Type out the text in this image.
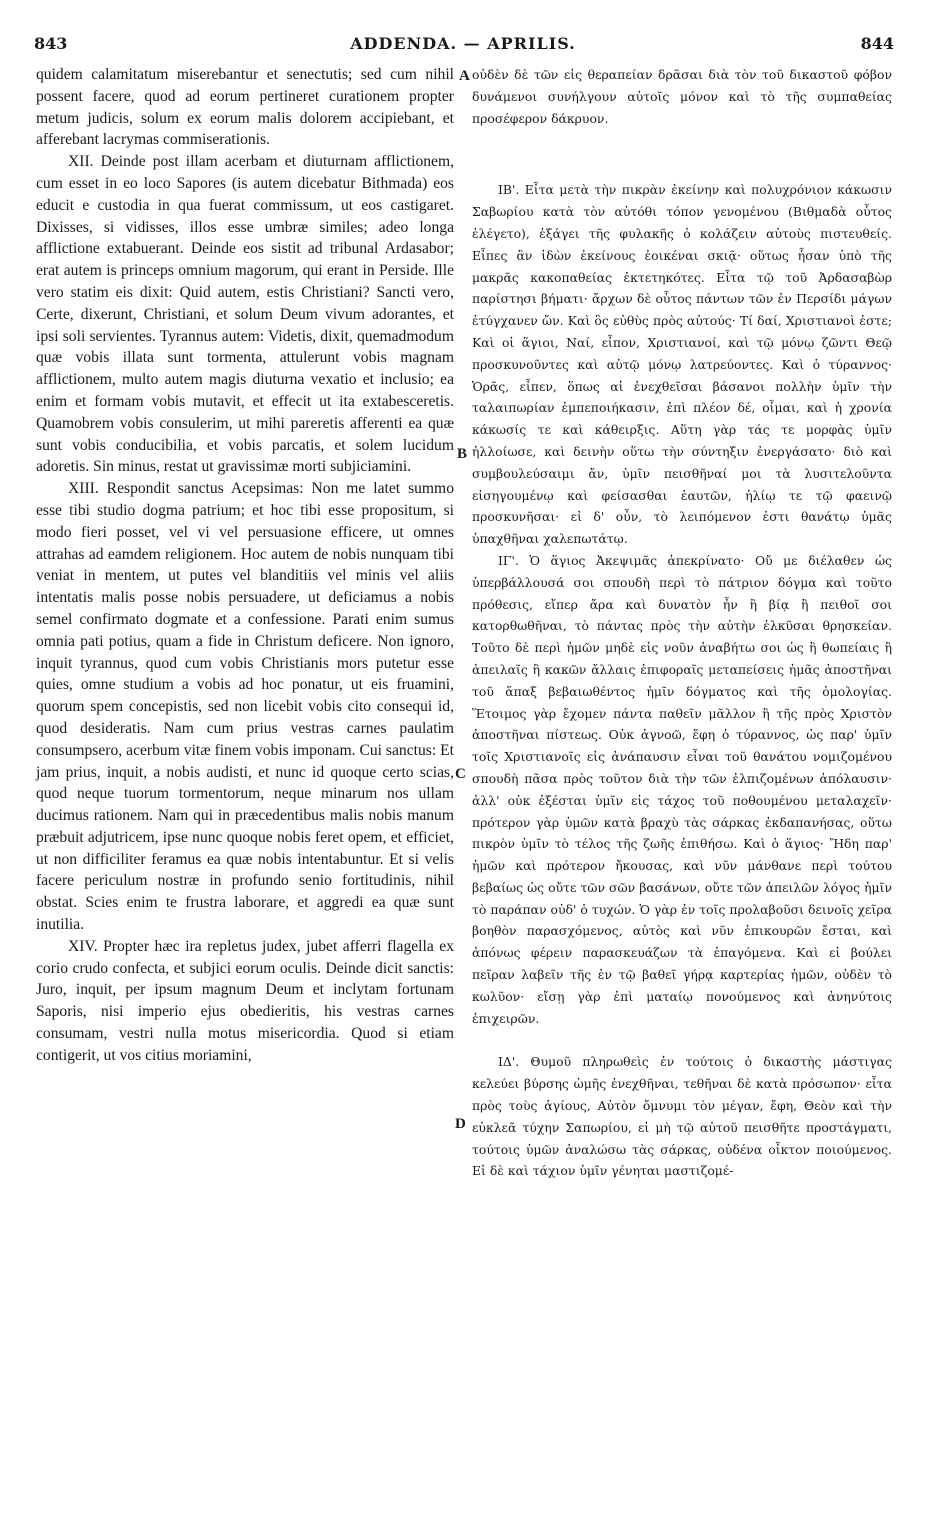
843	ADDENDA. — APRILIS.	844

quidem calamitatum miserebantur et senectutis; sed cum nihil possent facere, quod ad eorum pertineret curationem propter metum judicis, solum ex eorum malis dolorem accipiebant, et afferebant lacrymas commiserationis.

XII. Deinde post illam acerbam et diuturnam afflictionem, cum esset in eo loco Sapores (is autem dicebatur Bithmada) eos educit e custodia in qua fuerat commissum, ut eos castigaret. Dixisses, si vidisses, illos esse umbræ similes; adeo longa afflictione extabuerant. Deinde eos sistit ad tribunal Ardasabor; erat autem is princeps omnium magorum, qui erant in Perside. Ille vero statim eis dixit: Quid autem, estis Christiani? Sancti vero, Certe, dixerunt, Christiani, et solum Deum vivum adorantes, et ipsi soli servientes. Tyrannus autem: Videtis, dixit, quemadmodum quæ vobis illata sunt tormenta, attulerunt vobis magnam afflictionem, multo autem magis diuturna vexatio et inclusio; ea enim et formam vobis mutavit, et effecit ut ita extabesceretis. Quamobrem vobis consulerim, ut mihi pareretis afferenti ea quæ sunt vobis conducibilia, et vobis parcatis, et solem lucidum adoretis. Sin minus, restat ut gravissimæ morti subjiciamini.

XIII. Respondit sanctus Acepsimas: Non me latet summo esse tibi studio dogma patrium; et hoc tibi esse propositum, si modo fieri posset, vel vi vel persuasione efficere, ut omnes attrahas ad eamdem religionem. Hoc autem de nobis nunquam tibi veniat in mentem, ut putes vel blanditiis vel minis vel aliis intentatis malis posse nobis persuadere, ut deficiamus a nobis semel confirmato dogmate et a confessione. Parati enim sumus omnia pati potius, quam a fide in Christum deficere. Non ignoro, inquit tyrannus, quod cum vobis Christianis mors putetur esse quies, omne studium a vobis ad hoc ponatur, ut eis fruamini, quorum spem concepistis, sed non licebit vobis cito consequi id, quod desideratis. Nam cum prius vestras carnes paulatim consumpsero, acerbum vitæ finem vobis imponam. Cui sanctus: Et jam prius, inquit, a nobis audisti, et nunc id quoque certo scias, quod neque tuorum tormentorum, neque minarum nos ullam ducimus rationem. Nam qui in præcedentibus malis nobis manum præbuit adjutricem, ipse nunc quoque nobis feret opem, et efficiet, ut non difficiliter feramus ea quæ nobis intentabuntur. Et si velis facere periculum nostræ in profundo senio fortitudinis, nihil obstat. Scies enim te frustra laborare, et aggredi ea quæ sunt inutilia.

XIV. Propter hæc ira repletus judex, jubet afferri flagella ex corio crudo confecta, et subjici eorum oculis. Deinde dicit sanctis: Juro, inquit, per ipsum magnum Deum et inclytam fortunam Saporis, nisi imperio ejus obedieritis, his vestras carnes consumam, vestri nulla motus misericordia. Quod si etiam contigerit, ut vos citius moriamini,

οὐδὲν δὲ τῶν εἰς θεραπείαν δρᾶσαι διὰ τὸν τοῦ δικαστοῦ φόβον δυνάμενοι συνήλγουν αὐτοῖς μόνον καὶ τὸ τῆς συμπαθείας προσέφερον δάκρυον.

ΙΒ'. Εἶτα μετὰ τὴν πικρὰν ἐκείνην καὶ πολυχρόνιον κάκωσιν Σαβωρίου κατὰ τὸν αὐτόθι τόπον γενομένου (Βιθμαδὰ οὗτος ἐλέγετο), ἐξάγει τῆς φυλακῆς ὁ κολάζειν αὐτοὺς πιστευθείς. Εἶπες ἂν ἰδὼν ἐκείνους ἐοικέναι σκιᾷ· οὕτως ἦσαν ὑπὸ τῆς μακρᾶς κακοπαθείας ἐκτετηκότες. Εἶτα τῷ τοῦ Ἀρδασαβὼρ παρίστησι βήματι· ἄρχων δὲ οὗτος πάντων τῶν ἐν Περσίδι μάγων ἐτύγχανεν ὤν. Καὶ ὃς εὐθὺς πρὸς αὐτούς· Τί δαί, Χριστιανοὶ ἐστε; Καὶ οἱ ἅγιοι, Ναί, εἶπον, Χριστιανοί, καὶ τῷ μόνῳ ζῶντι Θεῷ προσκυνοῦντες καὶ αὐτῷ μόνῳ λατρεύοντες. Καὶ ὁ τύραννος· Ὁρᾶς, εἶπεν, ὅπως αἱ ἐνεχθεῖσαι βάσανοι πολλὴν ὑμῖν τὴν ταλαιπωρίαν ἐμπεποιήκασιν, ἐπὶ πλέον δέ, οἶμαι, καὶ ἡ χρονία κάκωσίς τε καὶ κάθειρξις. Αὕτη γὰρ τάς τε μορφὰς ὑμῖν ἠλλοίωσε, καὶ δεινὴν οὕτω τὴν σύντηξιν ἐνεργάσατο· διὸ καὶ συμβουλεύσαιμι ἄν, ὑμῖν πεισθῆναί μοι τὰ λυσιτελοῦντα εἰσηγουμένῳ καὶ φείσασθαι ἑαυτῶν, ἡλίῳ τε τῷ φαεινῷ προσκυνῆσαι· εἰ δ' οὖν, τὸ λειπόμενον ἐστι θανάτῳ ὑμᾶς ὑπαχθῆναι χαλεπωτάτῳ.

ΙΓ'. Ὁ ἅγιος Ἀκεψιμᾶς ἀπεκρίνατο· Οὔ με διέλαθεν ὡς ὑπερβάλλουσά σοι σπουδὴ περὶ τὸ πάτριον δόγμα καὶ τοῦτο πρόθεσις, εἴπερ ἄρα καὶ δυνατὸν ἦν ἢ βίᾳ ἢ πειθοῖ σοι κατορθωθῆναι, τὸ πάντας πρὸς τὴν αὐτὴν ἑλκῦσαι θρησκείαν. Τοῦτο δὲ περὶ ἡμῶν μηδὲ εἰς νοῦν ἀναβήτω σοι ὡς ἢ θωπείαις ἢ ἀπειλαῖς ἢ κακῶν ἄλλαις ἐπιφοραῖς μεταπείσεις ἡμᾶς ἀποστῆναι τοῦ ἅπαξ βεβαιωθέντος ἡμῖν δόγματος καὶ τῆς ὁμολογίας. Ἕτοιμος γὰρ ἔχομεν πάντα παθεῖν μᾶλλον ἢ τῆς πρὸς Χριστὸν ἀποστῆναι πίστεως. Οὐκ ἀγνοῶ, ἔφη ὁ τύραννος, ὡς παρ' ὑμῖν τοῖς Χριστιανοῖς εἰς ἀνάπαυσιν εἶναι τοῦ θανάτου νομιζομένου σπουδὴ πᾶσα πρὸς τοῦτον διὰ τὴν τῶν ἐλπιζομένων ἀπόλαυσιν· ἀλλ' οὐκ ἐξέσται ὑμῖν εἰς τάχος τοῦ ποθουμένου μεταλαχεῖν· πρότερον γὰρ ὑμῶν κατὰ βραχὺ τὰς σάρκας ἐκδαπανήσας, οὕτω πικρὸν ὑμῖν τὸ τέλος τῆς ζωῆς ἐπιθήσω. Καὶ ὁ ἅγιος· Ἤδη παρ' ἡμῶν καὶ πρότερον ἤκουσας, καὶ νῦν μάνθανε περὶ τούτου βεβαίως ὡς οὔτε τῶν σῶν βασάνων, οὔτε τῶν ἀπειλῶν λόγος ἡμῖν τὸ παράπαν οὐδ' ὁ τυχών. Ὁ γὰρ ἐν τοῖς προλαβοῦσι δεινοῖς χεῖρα βοηθὸν παρασχόμενος, αὐτὸς καὶ νῦν ἐπικουρῶν ἔσται, καὶ ἀπόνως φέρειν παρασκευάζων τὰ ἐπαγόμενα. Καὶ εἰ βούλει πεῖραν λαβεῖν τῆς ἐν τῷ βαθεῖ γήρᾳ καρτερίας ἡμῶν, οὐδὲν τὸ κωλῦον· εἴσῃ γὰρ ἐπὶ ματαίῳ πονούμενος καὶ ἀνηνύτοις ἐπιχειρῶν.

ΙΔ'. Θυμοῦ πληρωθεὶς ἐν τούτοις ὁ δικαστὴς μάστιγας κελεύει βύρσης ὠμῆς ἐνεχθῆναι, τεθῆναι δὲ κατὰ πρόσωπον· εἶτα πρὸς τοὺς ἁγίους, Αὐτὸν ὄμνυμι τὸν μέγαν, ἔφη, Θεὸν καὶ τὴν εὐκλεᾶ τύχην Σαπωρίου, εἰ μὴ τῷ αὐτοῦ πεισθῆτε προστάγματι, τούτοις ὑμῶν ἀναλώσω τὰς σάρκας, οὐδένα οἶκτον ποιούμενος. Εἰ δὲ καὶ τάχιον ὑμῖν γένηται μαστιζομέ-

A
B
C
D
